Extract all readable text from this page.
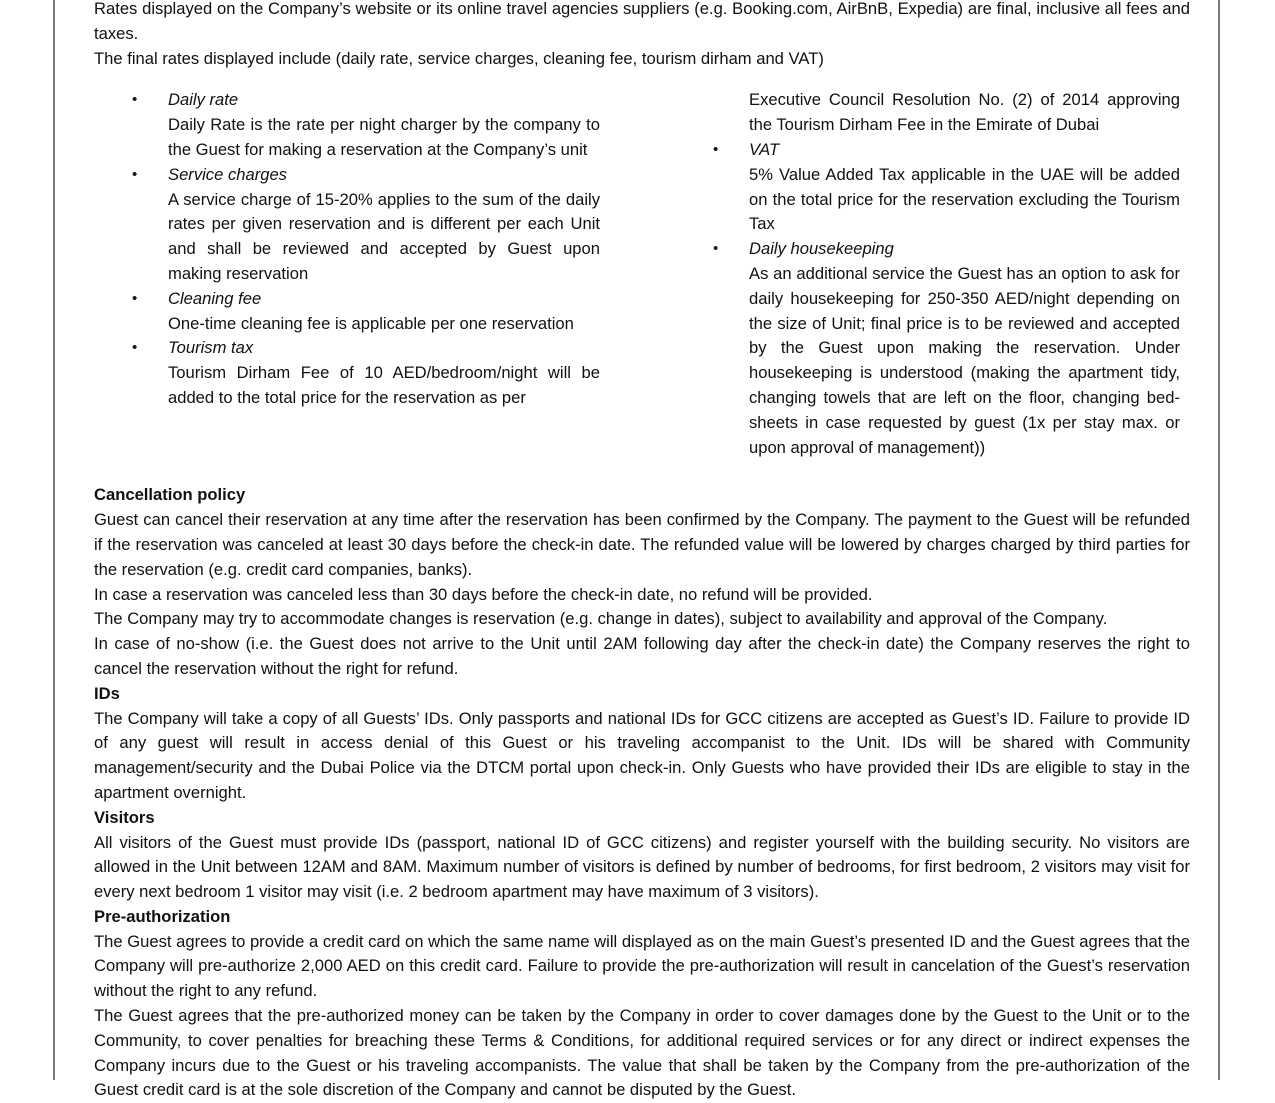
Rates displayed on the Company’s website or its online travel agencies suppliers (e.g. Booking.com, AirBnB, Expedia) are final, inclusive all fees and taxes.

The final rates displayed include (daily rate, service charges, cleaning fee, tourism dirham and VAT)

• Daily rate
Daily Rate is the rate per night charger by the company to the Guest for making a reservation at the Company’s unit
• Service charges
A service charge of 15-20% applies to the sum of the daily rates per given reservation and is different per each Unit and shall be reviewed and accepted by Guest upon making reservation
• Cleaning fee
One-time cleaning fee is applicable per one reservation
• Tourism tax
Tourism Dirham Fee of 10 AED/bedroom/night will be added to the total price for the reservation as per
Executive Council Resolution No. (2) of 2014 approving the Tourism Dirham Fee in the Emirate of Dubai
• VAT
5% Value Added Tax applicable in the UAE will be added on the total price for the reservation excluding the Tourism Tax
• Daily housekeeping
As an additional service the Guest has an option to ask for daily housekeeping for 250-350 AED/night depending on the size of Unit; final price is to be reviewed and accepted by the Guest upon making the reservation. Under housekeeping is understood (making the apartment tidy, changing towels that are left on the floor, changing bed-sheets in case requested by guest (1x per stay max. or upon approval of management))
Cancellation policy

Guest can cancel their reservation at any time after the reservation has been confirmed by the Company. The payment to the Guest will be refunded if the reservation was canceled at least 30 days before the check-in date. The refunded value will be lowered by charges charged by third parties for the reservation (e.g. credit card companies, banks).

In case a reservation was canceled less than 30 days before the check-in date, no refund will be provided.

The Company may try to accommodate changes is reservation (e.g. change in dates), subject to availability and approval of the Company.

In case of no-show (i.e. the Guest does not arrive to the Unit until 2AM following day after the check-in date) the Company reserves the right to cancel the reservation without the right for refund.

IDs

The Company will take a copy of all Guests’ IDs. Only passports and national IDs for GCC citizens are accepted as Guest’s ID. Failure to provide ID of any guest will result in access denial of this Guest or his traveling accompanist to the Unit. IDs will be shared with Community management/security and the Dubai Police via the DTCM portal upon check-in. Only Guests who have provided their IDs are eligible to stay in the apartment overnight.

Visitors

All visitors of the Guest must provide IDs (passport, national ID of GCC citizens) and register yourself with the building security. No visitors are allowed in the Unit between 12AM and 8AM. Maximum number of visitors is defined by number of bedrooms, for first bedroom, 2 visitors may visit for every next bedroom 1 visitor may visit (i.e. 2 bedroom apartment may have maximum of 3 visitors).

Pre-authorization

The Guest agrees to provide a credit card on which the same name will displayed as on the main Guest’s presented ID and the Guest agrees that the Company will pre-authorize 2,000 AED on this credit card. Failure to provide the pre-authorization will result in cancelation of the Guest’s reservation without the right to any refund.

The Guest agrees that the pre-authorized money can be taken by the Company in order to cover damages done by the Guest to the Unit or to the Community, to cover penalties for breaching these Terms & Conditions, for additional required services or for any direct or indirect expenses the Company incurs due to the Guest or his traveling accompanists. The value that shall be taken by the Company from the pre-authorization of the Guest credit card is at the sole discretion of the Company and cannot be disputed by the Guest.
